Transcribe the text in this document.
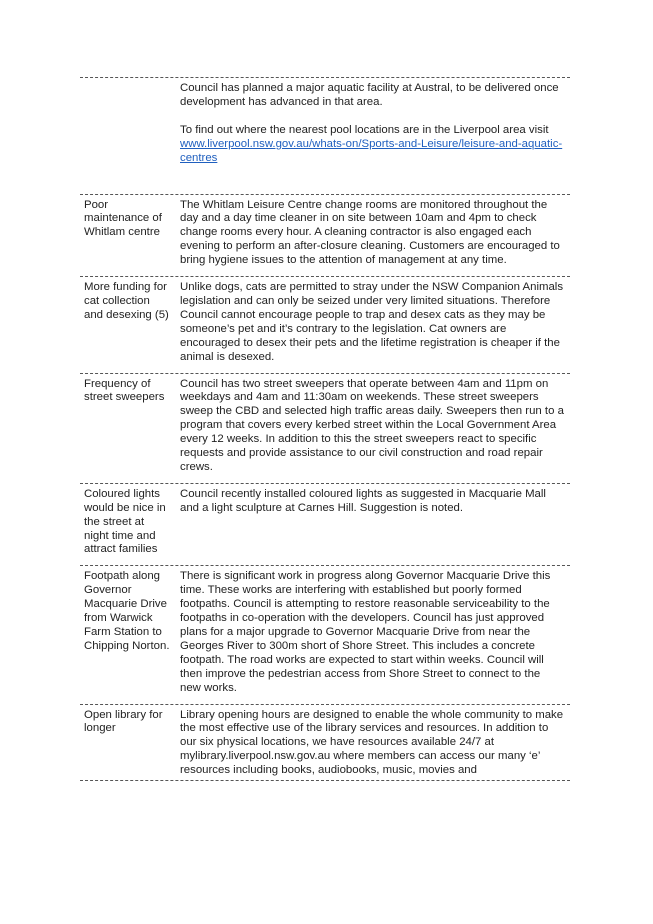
Council has planned a major aquatic facility at Austral, to be delivered once development has advanced in that area.

To find out where the nearest pool locations are in the Liverpool area visit
www.liverpool.nsw.gov.au/whats-on/Sports-and-Leisure/leisure-and-aquatic-centres

Poor maintenance of Whitlam centre

The Whitlam Leisure Centre change rooms are monitored throughout the day and a day time cleaner in on site between 10am and 4pm to check change rooms every hour. A cleaning contractor is also engaged each evening to perform an after-closure cleaning. Customers are encouraged to bring hygiene issues to the attention of management at any time.

More funding for cat collection and desexing (5)

Unlike dogs, cats are permitted to stray under the NSW Companion Animals legislation and can only be seized under very limited situations. Therefore Council cannot encourage people to trap and desex cats as they may be someone’s pet and it’s contrary to the legislation. Cat owners are encouraged to desex their pets and the lifetime registration is cheaper if the animal is desexed.

Frequency of street sweepers

Council has two street sweepers that operate between 4am and 11pm on weekdays and 4am and 11:30am on weekends. These street sweepers sweep the CBD and selected high traffic areas daily. Sweepers then run to a program that covers every kerbed street within the Local Government Area every 12 weeks. In addition to this the street sweepers react to specific requests and provide assistance to our civil construction and road repair crews.

Coloured lights would be nice in the street at night time and attract families

Council recently installed coloured lights as suggested in Macquarie Mall and a light sculpture at Carnes Hill. Suggestion is noted.

Footpath along Governor Macquarie Drive from Warwick Farm Station to Chipping Norton.

There is significant work in progress along Governor Macquarie Drive this time. These works are interfering with established but poorly formed footpaths. Council is attempting to restore reasonable serviceability to the footpaths in co-operation with the developers. Council has just approved plans for a major upgrade to Governor Macquarie Drive from near the Georges River to 300m short of Shore Street. This includes a concrete footpath. The road works are expected to start within weeks. Council will then improve the pedestrian access from Shore Street to connect to the new works.

Open library for longer

Library opening hours are designed to enable the whole community to make the most effective use of the library services and resources. In addition to our six physical locations, we have resources available 24/7 at mylibrary.liverpool.nsw.gov.au where members can access our many ‘e’ resources including books, audiobooks, music, movies and
